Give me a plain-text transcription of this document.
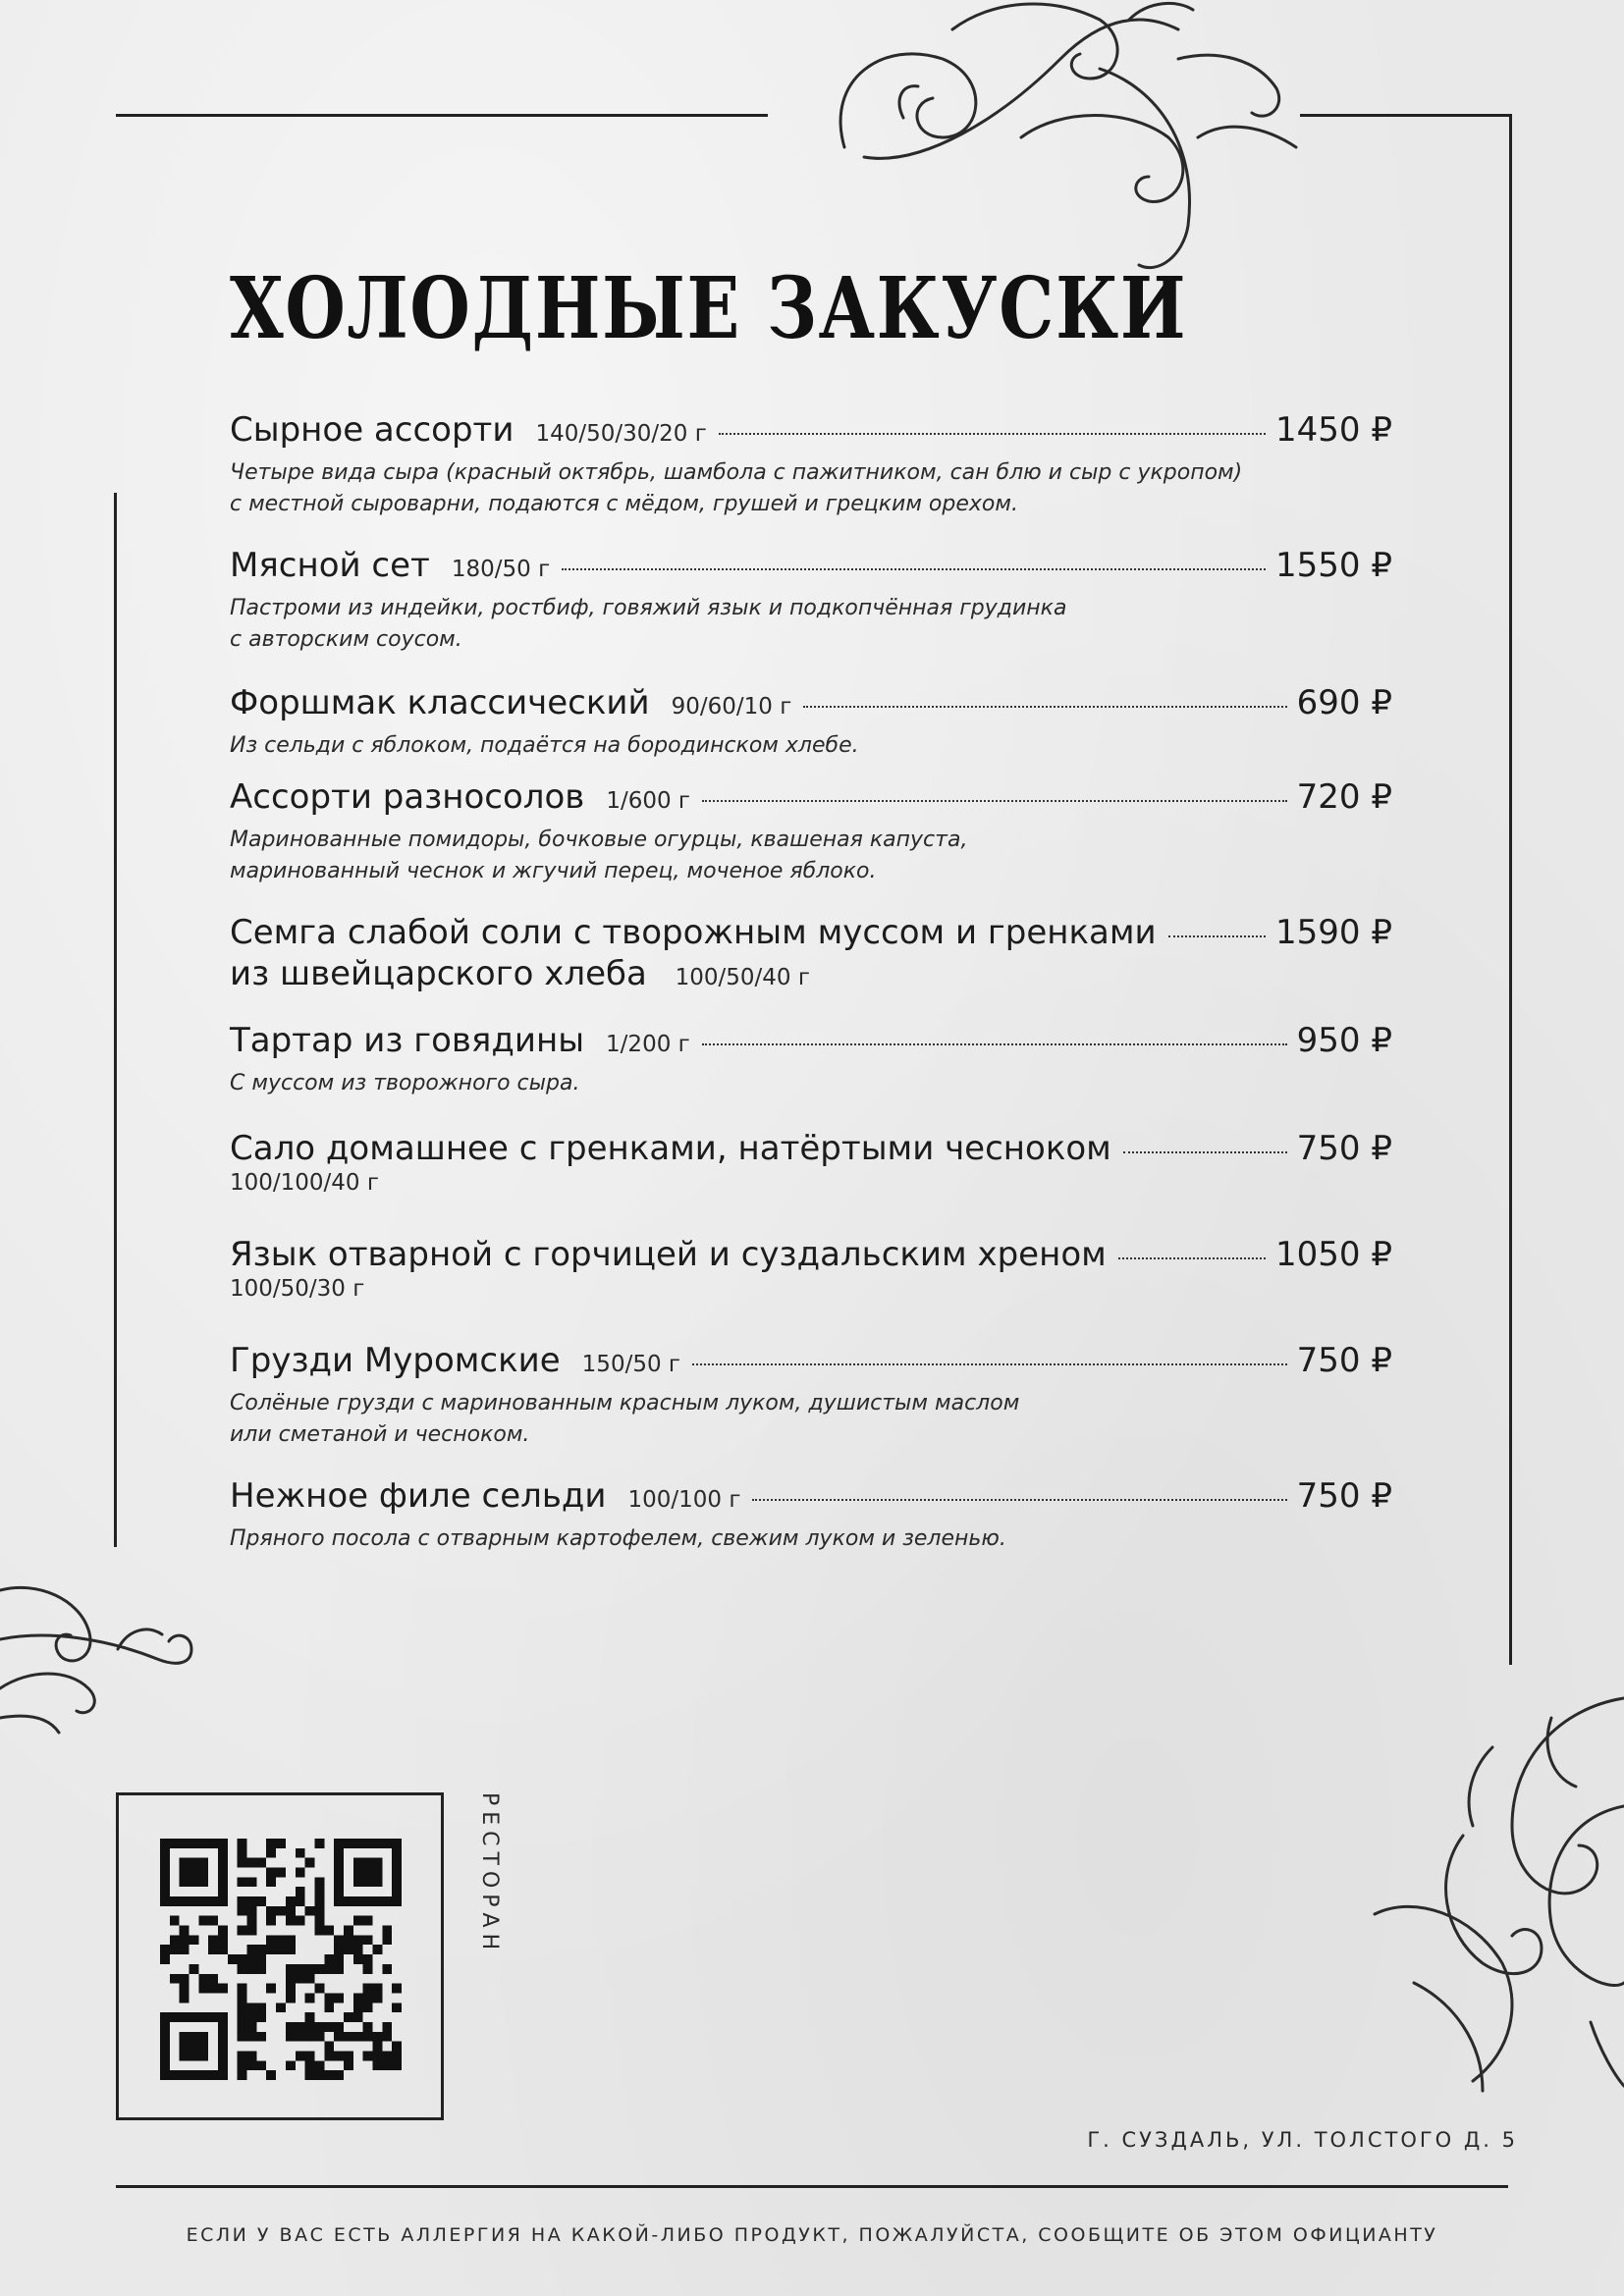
ХОЛОДНЫЕ ЗАКУСКИ
Сырное ассорти 140/50/30/20 г	1450 ₽
Четыре вида сыра (красный октябрь, шамбола с пажитником, сан блю и сыр с укропом)
с местной сыроварни, подаются с мёдом, грушей и грецким орехом.
Мясной сет 180/50 г	1550 ₽
Пастроми из индейки, ростбиф, говяжий язык и подкопчённая грудинка
с авторским соусом.
Форшмак классический 90/60/10 г	690 ₽
Из сельди с яблоком, подаётся на бородинском хлебе.
Ассорти разносолов 1/600 г	720 ₽
Маринованные помидоры, бочковые огурцы, квашеная капуста,
маринованный чеснок и жгучий перец, моченое яблоко.
Семга слабой соли с творожным муссом и гренками	1590 ₽
из швейцарского хлеба 100/50/40 г
Тартар из говядины 1/200 г	950 ₽
С муссом из творожного сыра.
Сало домашнее с гренками, натёртыми чесноком	750 ₽
100/100/40 г
Язык отварной с горчицей и суздальским хреном	1050 ₽
100/50/30 г
Грузди Муромские 150/50 г	750 ₽
Солёные грузди с маринованным красным луком, душистым маслом
или сметаной и чесноком.
Нежное филе сельди 100/100 г	750 ₽
Пряного посола с отварным картофелем, свежим луком и зеленью.
РЕСТОРАН
Г. СУЗДАЛЬ, УЛ. ТОЛСТОГО Д. 5
ЕСЛИ У ВАС ЕСТЬ АЛЛЕРГИЯ НА КАКОЙ-ЛИБО ПРОДУКТ, ПОЖАЛУЙСТА, СООБЩИТЕ ОБ ЭТОМ ОФИЦИАНТУ
